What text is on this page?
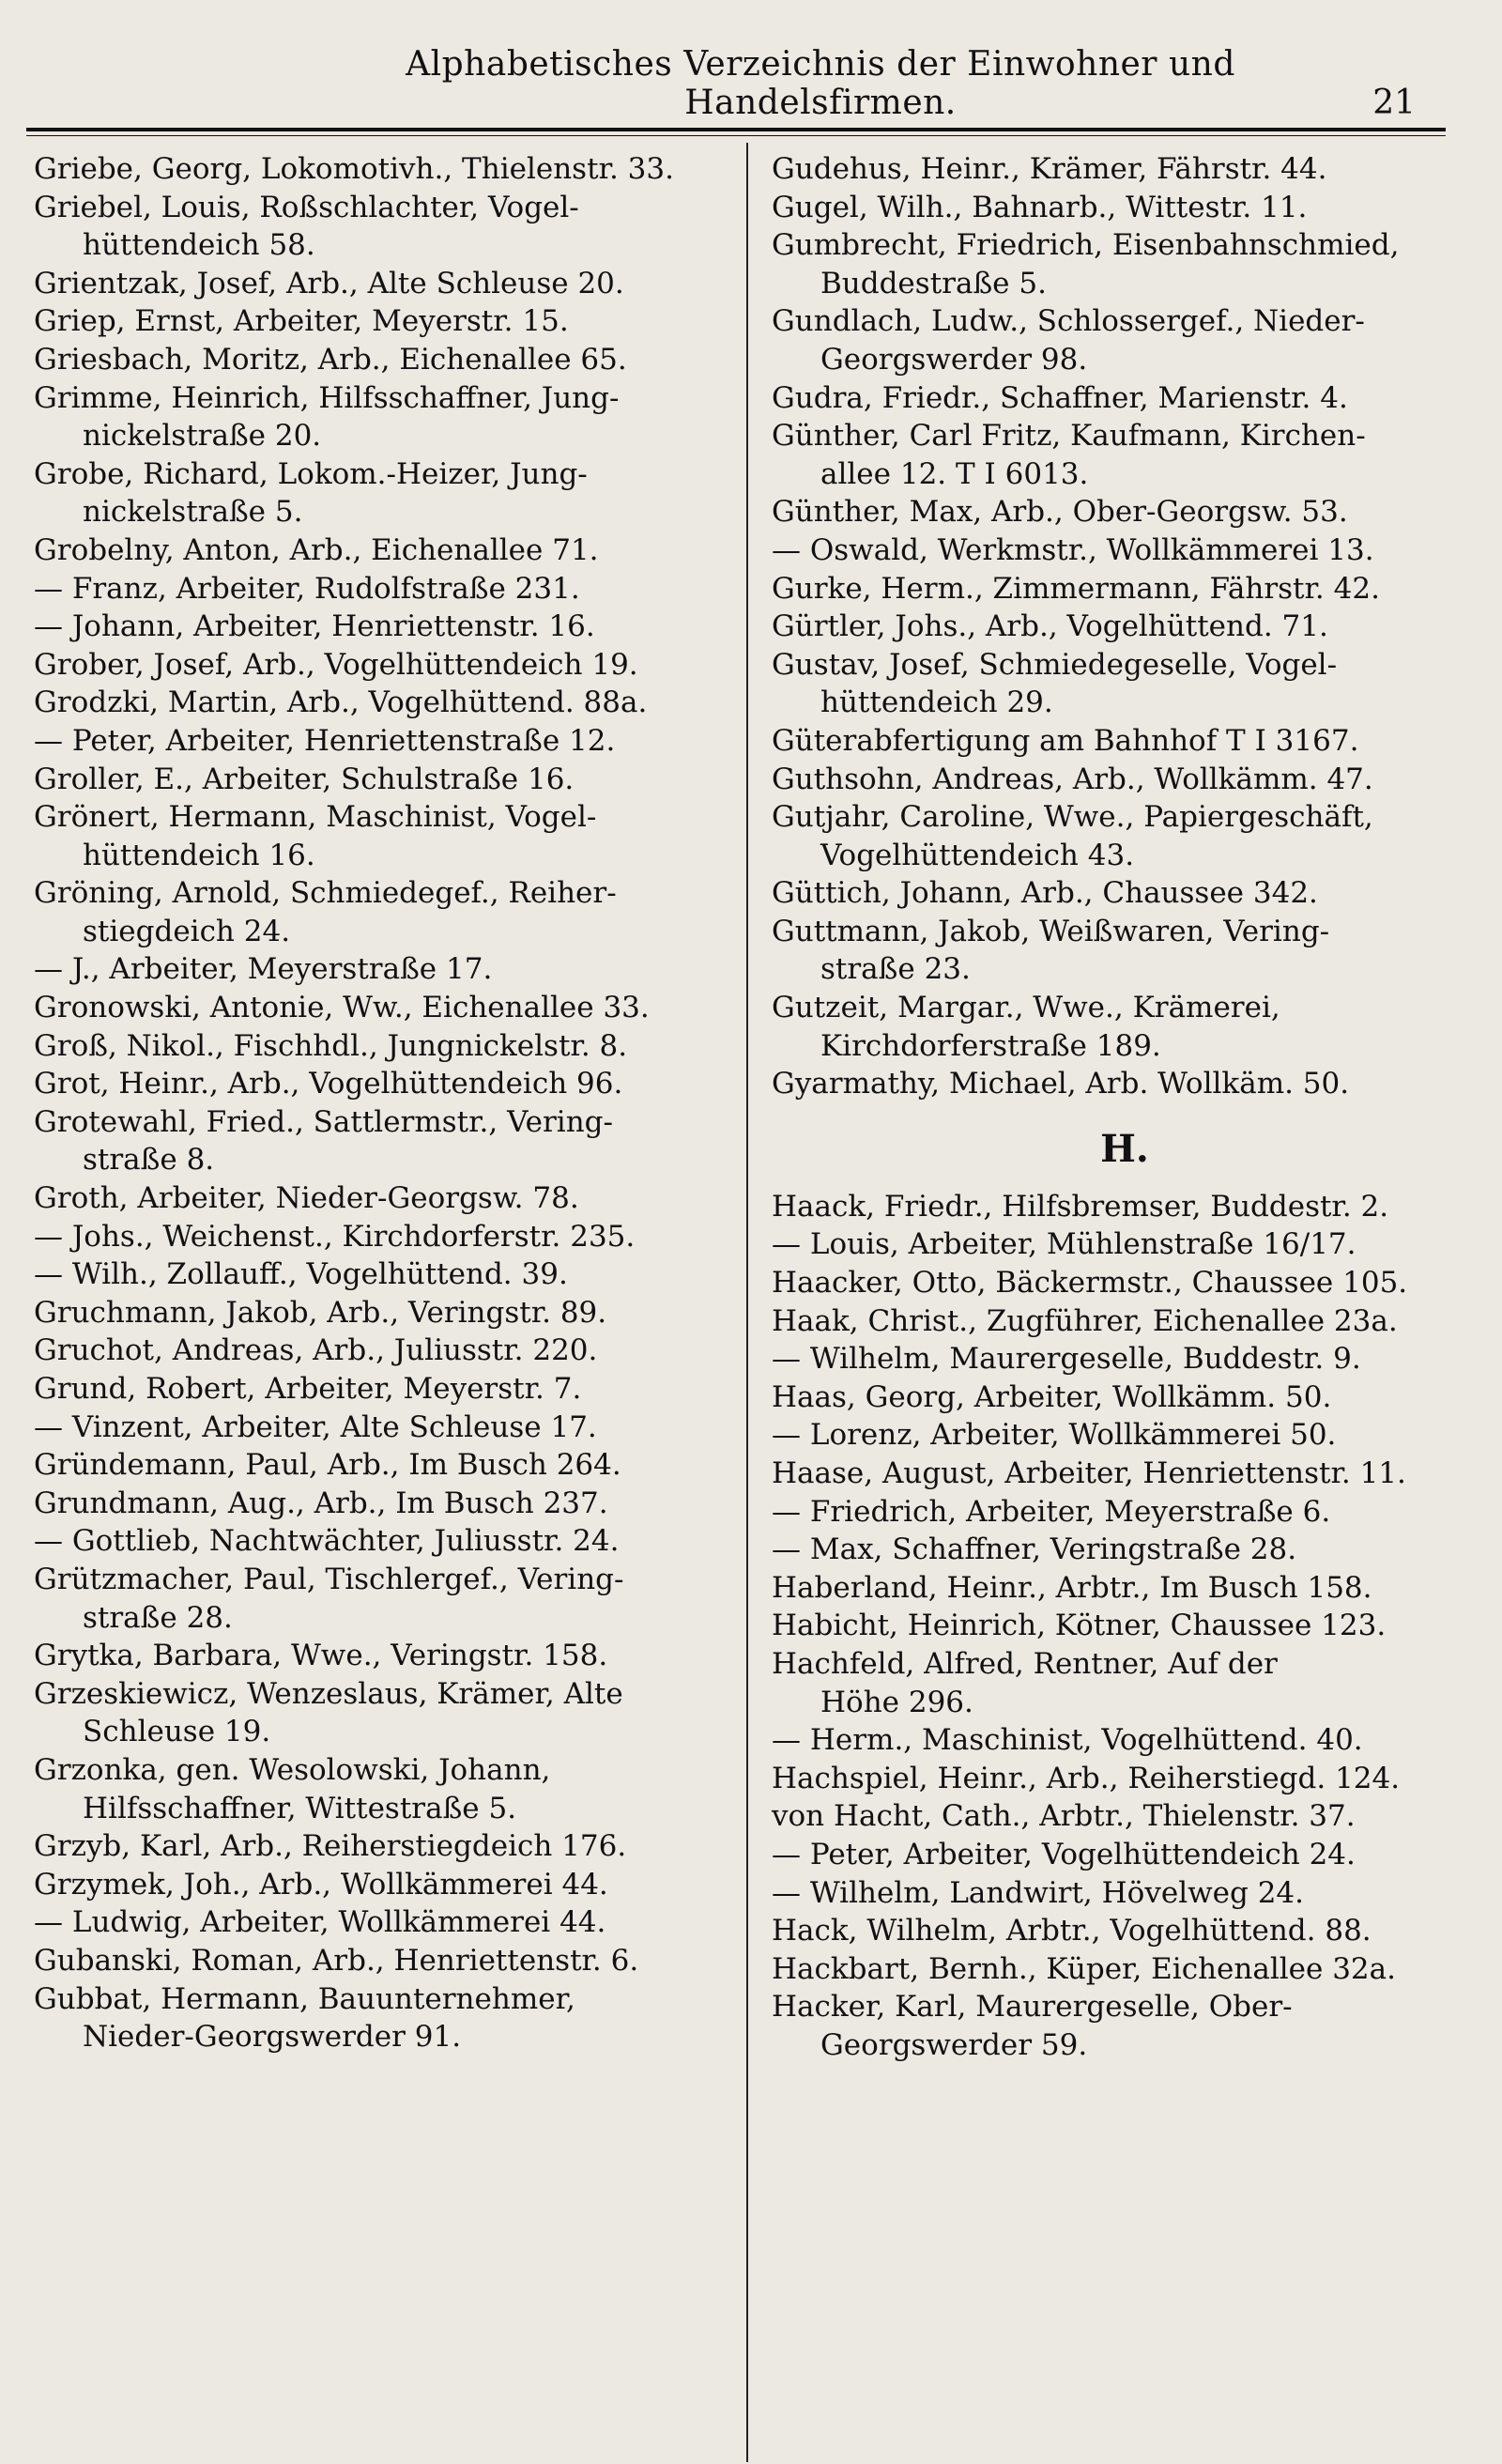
Alphabetisches Verzeichnis der Einwohner und Handelsfirmen.	21
Griebe, Georg, Lokomotivh., Thielenstr. 33.
Griebel, Louis, Roßschlachter, Vogel-
hüttendeich 58.
Grientzak, Josef, Arb., Alte Schleuse 20.
Griep, Ernst, Arbeiter, Meyerstr. 15.
Griesbach, Moritz, Arb., Eichenallee 65.
Grimme, Heinrich, Hilfsschaffner, Jung-
nickelstraße 20.
Grobe, Richard, Lokom.-Heizer, Jung-
nickelstraße 5.
Grobelny, Anton, Arb., Eichenallee 71.
— Franz, Arbeiter, Rudolfstraße 231.
— Johann, Arbeiter, Henriettenstr. 16.
Grober, Josef, Arb., Vogelhüttendeich 19.
Grodzki, Martin, Arb., Vogelhüttend. 88a.
— Peter, Arbeiter, Henriettenstraße 12.
Groller, E., Arbeiter, Schulstraße 16.
Grönert, Hermann, Maschinist, Vogel-
hüttendeich 16.
Gröning, Arnold, Schmiedegef., Reiher-
stiegdeich 24.
— J., Arbeiter, Meyerstraße 17.
Gronowski, Antonie, Ww., Eichenallee 33.
Groß, Nikol., Fischhdl., Jungnickelstr. 8.
Grot, Heinr., Arb., Vogelhüttendeich 96.
Grotewahl, Fried., Sattlermstr., Vering-
straße 8.
Groth, Arbeiter, Nieder-Georgsw. 78.
— Johs., Weichenst., Kirchdorferstr. 235.
— Wilh., Zollauff., Vogelhüttend. 39.
Gruchmann, Jakob, Arb., Veringstr. 89.
Gruchot, Andreas, Arb., Juliusstr. 220.
Grund, Robert, Arbeiter, Meyerstr. 7.
— Vinzent, Arbeiter, Alte Schleuse 17.
Gründemann, Paul, Arb., Im Busch 264.
Grundmann, Aug., Arb., Im Busch 237.
— Gottlieb, Nachtwächter, Juliusstr. 24.
Grützmacher, Paul, Tischlergef., Vering-
straße 28.
Grytka, Barbara, Wwe., Veringstr. 158.
Grzeskiewicz, Wenzeslaus, Krämer, Alte
Schleuse 19.
Grzonka, gen. Wesolowski, Johann,
Hilfsschaffner, Wittestraße 5.
Grzyb, Karl, Arb., Reiherstiegdeich 176.
Grzymek, Joh., Arb., Wollkämmerei 44.
— Ludwig, Arbeiter, Wollkämmerei 44.
Gubanski, Roman, Arb., Henriettenstr. 6.
Gubbat, Hermann, Bauunternehmer,
Nieder-Georgswerder 91.
Gudehus, Heinr., Krämer, Fährstr. 44.
Gugel, Wilh., Bahnarb., Wittestr. 11.
Gumbrecht, Friedrich, Eisenbahnschmied,
Buddestraße 5.
Gundlach, Ludw., Schlossergef., Nieder-
Georgswerder 98.
Gudra, Friedr., Schaffner, Marienstr. 4.
Günther, Carl Fritz, Kaufmann, Kirchen-
allee 12. T I 6013.
Günther, Max, Arb., Ober-Georgsw. 53.
— Oswald, Werkmstr., Wollkämmerei 13.
Gurke, Herm., Zimmermann, Fährstr. 42.
Gürtler, Johs., Arb., Vogelhüttend. 71.
Gustav, Josef, Schmiedegeselle, Vogel-
hüttendeich 29.
Güterabfertigung am Bahnhof T I 3167.
Guthsohn, Andreas, Arb., Wollkämm. 47.
Gutjahr, Caroline, Wwe., Papiergeschäft,
Vogelhüttendeich 43.
Güttich, Johann, Arb., Chaussee 342.
Guttmann, Jakob, Weißwaren, Vering-
straße 23.
Gutzeit, Margar., Wwe., Krämerei,
Kirchdorferstraße 189.
Gyarmathy, Michael, Arb. Wollkäm. 50.
H.
Haack, Friedr., Hilfsbremser, Buddestr. 2.
— Louis, Arbeiter, Mühlenstraße 16/17.
Haacker, Otto, Bäckermstr., Chaussee 105.
Haak, Christ., Zugführer, Eichenallee 23a.
— Wilhelm, Maurergeselle, Buddestr. 9.
Haas, Georg, Arbeiter, Wollkämm. 50.
— Lorenz, Arbeiter, Wollkämmerei 50.
Haase, August, Arbeiter, Henriettenstr. 11.
— Friedrich, Arbeiter, Meyerstraße 6.
— Max, Schaffner, Veringstraße 28.
Haberland, Heinr., Arbtr., Im Busch 158.
Habicht, Heinrich, Kötner, Chaussee 123.
Hachfeld, Alfred, Rentner, Auf der
Höhe 296.
— Herm., Maschinist, Vogelhüttend. 40.
Hachspiel, Heinr., Arb., Reiherstiegd. 124.
von Hacht, Cath., Arbtr., Thielenstr. 37.
— Peter, Arbeiter, Vogelhüttendeich 24.
— Wilhelm, Landwirt, Hövelweg 24.
Hack, Wilhelm, Arbtr., Vogelhüttend. 88.
Hackbart, Bernh., Küper, Eichenallee 32a.
Hacker, Karl, Maurergeselle, Ober-
Georgswerder 59.
